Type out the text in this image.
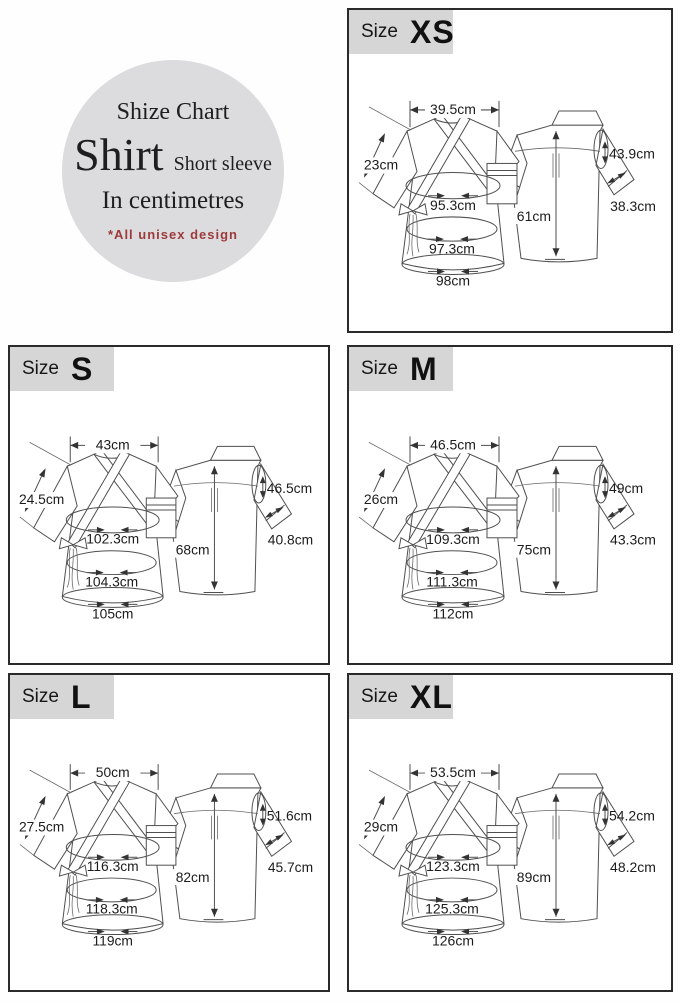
Shize Chart
Shirt Short sleeve
In centimetres
*All unisex design
Size XS
39.5cm
23cm
95.3cm
97.3cm
98cm
61cm
43.9cm
38.3cm
Size S
43cm
24.5cm
102.3cm
104.3cm
105cm
68cm
46.5cm
40.8cm
Size M
46.5cm
26cm
109.3cm
111.3cm
112cm
75cm
49cm
43.3cm
Size L
50cm
27.5cm
116.3cm
118.3cm
119cm
82cm
51.6cm
45.7cm
Size XL
53.5cm
29cm
123.3cm
125.3cm
126cm
89cm
54.2cm
48.2cm
